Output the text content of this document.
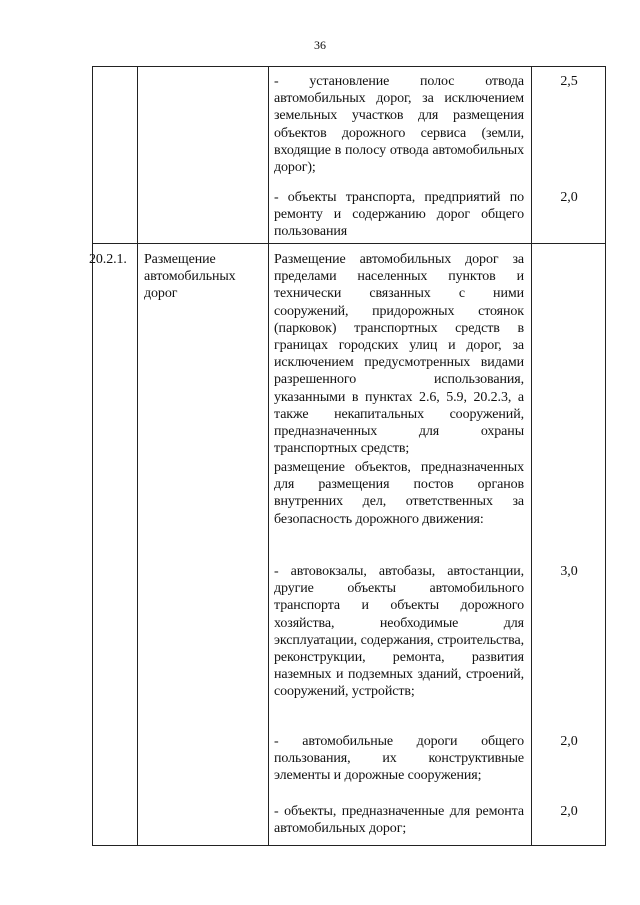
36
- установление полос отвода автомобильных дорог, за исключением земельных участков для размещения объектов дорожного сервиса (земли, входящие в полосу отвода автомобильных дорог);
2,5
- объекты транспорта, предприятий по ремонту и содержанию дорог общего пользования
2,0
20.2.1.	Размещение автомобильных дорог
Размещение автомобильных дорог за пределами населенных пунктов и технически связанных с ними сооружений, придорожных стоянок (парковок) транспортных средств в границах городских улиц и дорог, за исключением предусмотренных видами разрешенного использования, указанными в пунктах 2.6, 5.9, 20.2.3, а также некапитальных сооружений, предназначенных для охраны транспортных средств;
размещение объектов, предназначенных для размещения постов органов внутренних дел, ответственных за безопасность дорожного движения:
- автовокзалы, автобазы, автостанции, другие объекты автомобильного транспорта и объекты дорожного хозяйства, необходимые для эксплуатации, содержания, строительства, реконструкции, ремонта, развития наземных и подземных зданий, строений, сооружений, устройств;
3,0
- автомобильные дороги общего пользования, их конструктивные элементы и дорожные сооружения;
2,0
- объекты, предназначенные для ремонта автомобильных дорог;
2,0
